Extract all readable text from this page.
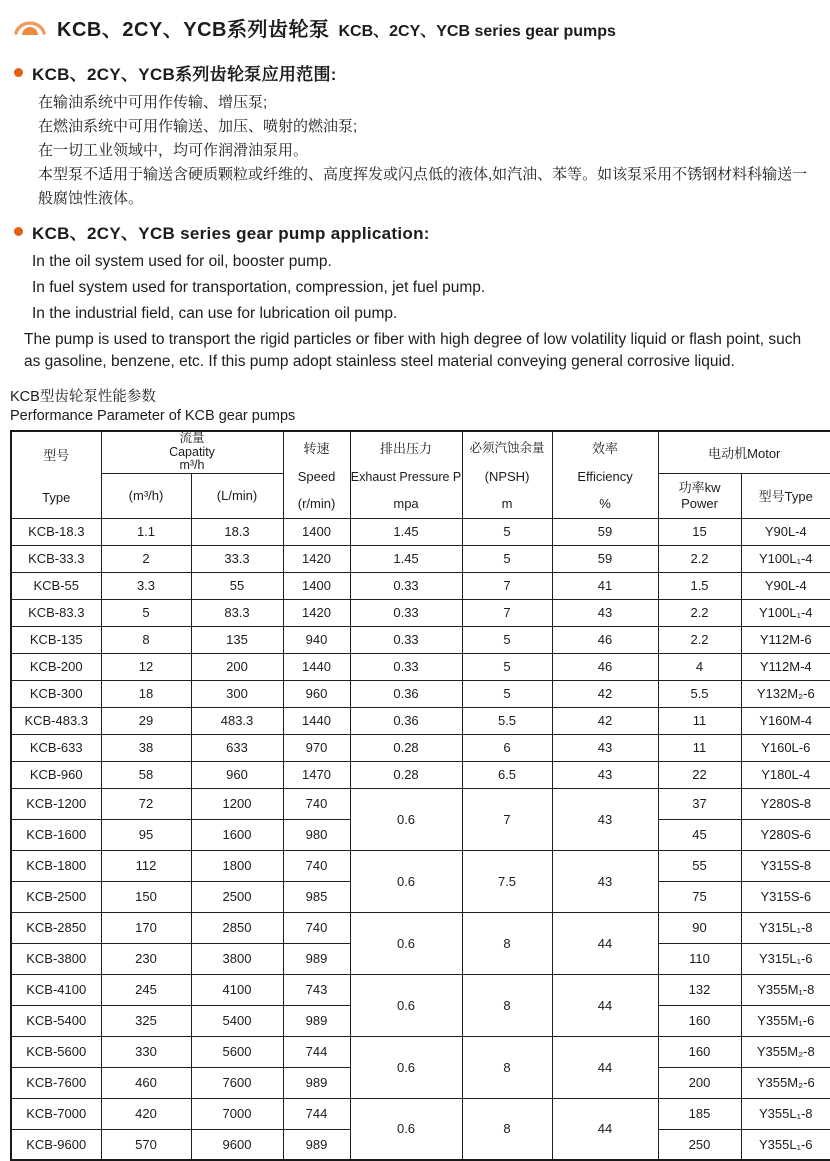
KCB、2CY、YCB系列齿轮泵 KCB、2CY、YCB series gear pumps
KCB、2CY、YCB系列齿轮泵应用范围:

在输油系统中可用作传输、增压泵;

在燃油系统中可用作输送、加压、喷射的燃油泵;

在一切工业领域中，均可作润滑油泵用。

本型泵不适用于输送含硬质颗粒或纤维的、高度挥发或闪点低的液体,如汽油、苯等。如该泵采用不锈钢材料科输送一般腐蚀性液体。

KCB、2CY、YCB series gear pump application:

In the oil system used for oil, booster pump.

In fuel system used for transportation, compression, jet fuel pump.

In the industrial field, can use for lubrication oil pump.

The pump is used to transport the rigid particles or fiber with high degree of low volatility liquid or flash point, such as gasoline, benzene, etc. If this pump adopt stainless steel material conveying general corrosive liquid.

KCB型齿轮泵性能参数
Performance Parameter of KCB gear pumps
型号
Type	流量
Capatity
m³/h		转速
Speed
(r/min)	排出压力
Exhaust Pressure P
mpa	必须汽蚀余量
(NPSH)
m	效率
Efficiency
%	电动机Motor	

	(m³/h)	(L/min)					功率kw
Power	型号Type

KCB-18.3	1.1	18.3	1400	1.45	5	59	15	Y90L-4
KCB-33.3	2	33.3	1420	1.45	5	59	2.2	Y100L₁-4
KCB-55	3.3	55	1400	0.33	7	41	1.5	Y90L-4
KCB-83.3	5	83.3	1420	0.33	7	43	2.2	Y100L₁-4
KCB-135	8	135	940	0.33	5	46	2.2	Y112M-6
KCB-200	12	200	1440	0.33	5	46	4	Y112M-4
KCB-300	18	300	960	0.36	5	42	5.5	Y132M₂-6
KCB-483.3	29	483.3	1440	0.36	5.5	42	11	Y160M-4
KCB-633	38	633	970	0.28	6	43	11	Y160L-6
KCB-960	58	960	1470	0.28	6.5	43	22	Y180L-4
KCB-1200	72	1200	740	0.6	7	43	37	Y280S-8
KCB-1600	95	1600	980				45	Y280S-6
KCB-1800	112	1800	740	0.6	7.5	43	55	Y315S-8
KCB-2500	150	2500	985				75	Y315S-6
KCB-2850	170	2850	740	0.6	8	44	90	Y315L₁-8
KCB-3800	230	3800	989				110	Y315L₁-6
KCB-4100	245	4100	743	0.6	8	44	132	Y355M₁-8
KCB-5400	325	5400	989				160	Y355M₁-6
KCB-5600	330	5600	744	0.6	8	44	160	Y355M₂-8
KCB-7600	460	7600	989				200	Y355M₂-6
KCB-7000	420	7000	744	0.6	8	44	185	Y355L₁-8
KCB-9600	570	9600	989				250	Y355L₁-6
